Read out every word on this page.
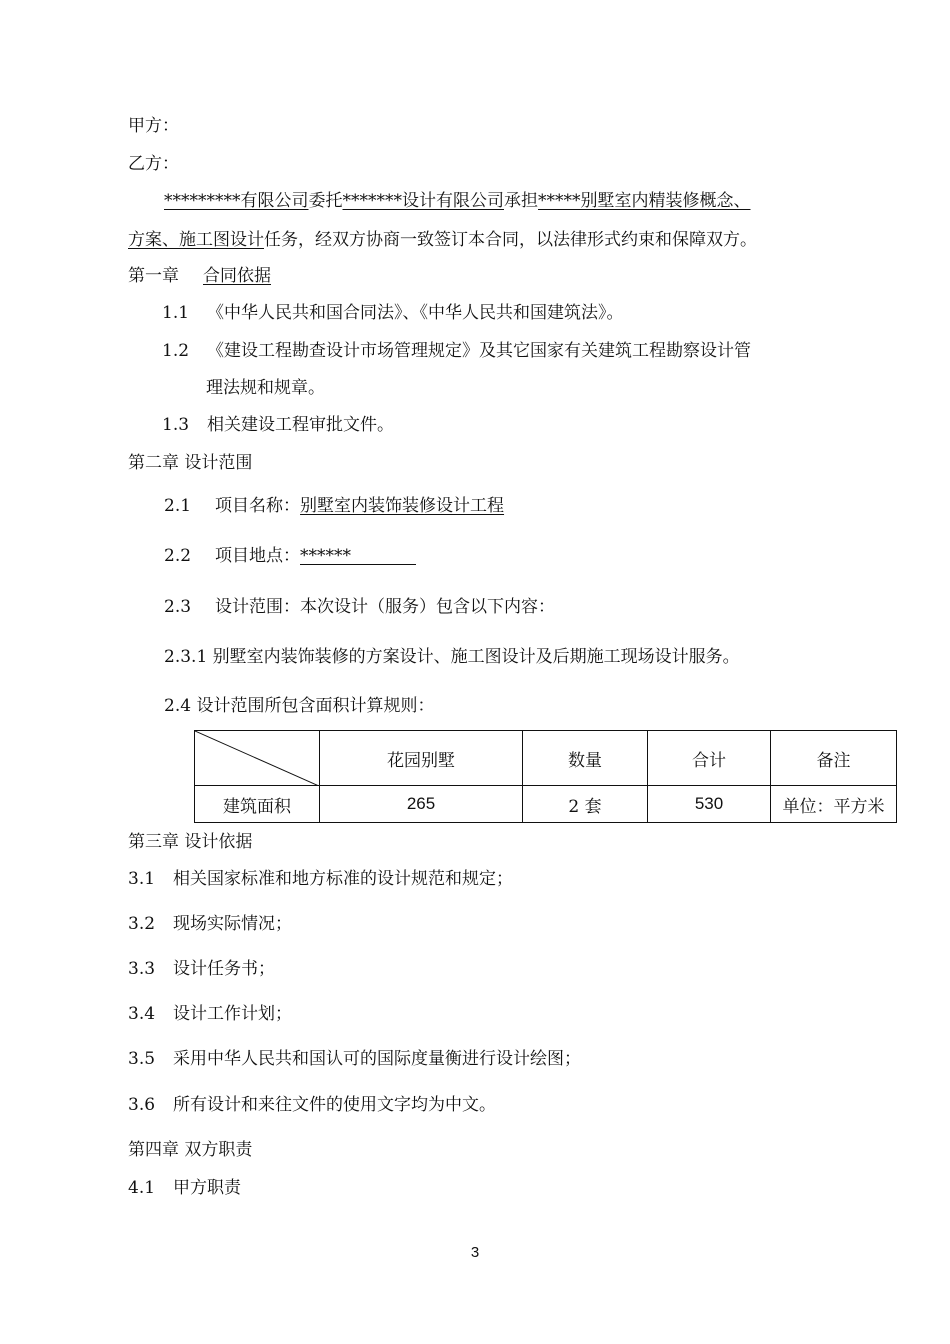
甲方：
乙方：
*********有限公司委托*******设计有限公司承担*****别墅室内精装修概念、
方案、施工图设计任务，经双方协商一致签订本合同，以法律形式约束和保障双方。
第一章 合同依据
1.1 《中华人民共和国合同法》、《中华人民共和国建筑法》。
1.2 《建设工程勘查设计市场管理规定》及其它国家有关建筑工程勘察设计管
理法规和规章。
1.3 相关建设工程审批文件。
第二章 设计范围
2.1 项目名称：别墅室内装饰装修设计工程
2.2 项目地点：******
2.3 设计范围：本次设计（服务）包含以下内容：
2.3.1 别墅室内装饰装修的方案设计、施工图设计及后期施工现场设计服务。
2.4 设计范围所包含面积计算规则：
	花园别墅	数量	合计	备注
建筑面积	265	2 套	530	单位：平方米
第三章 设计依据
3.1 相关国家标准和地方标准的设计规范和规定；
3.2 现场实际情况；
3.3 设计任务书；
3.4 设计工作计划；
3.5 采用中华人民共和国认可的国际度量衡进行设计绘图；
3.6 所有设计和来往文件的使用文字均为中文。
第四章 双方职责
4.1 甲方职责
3
